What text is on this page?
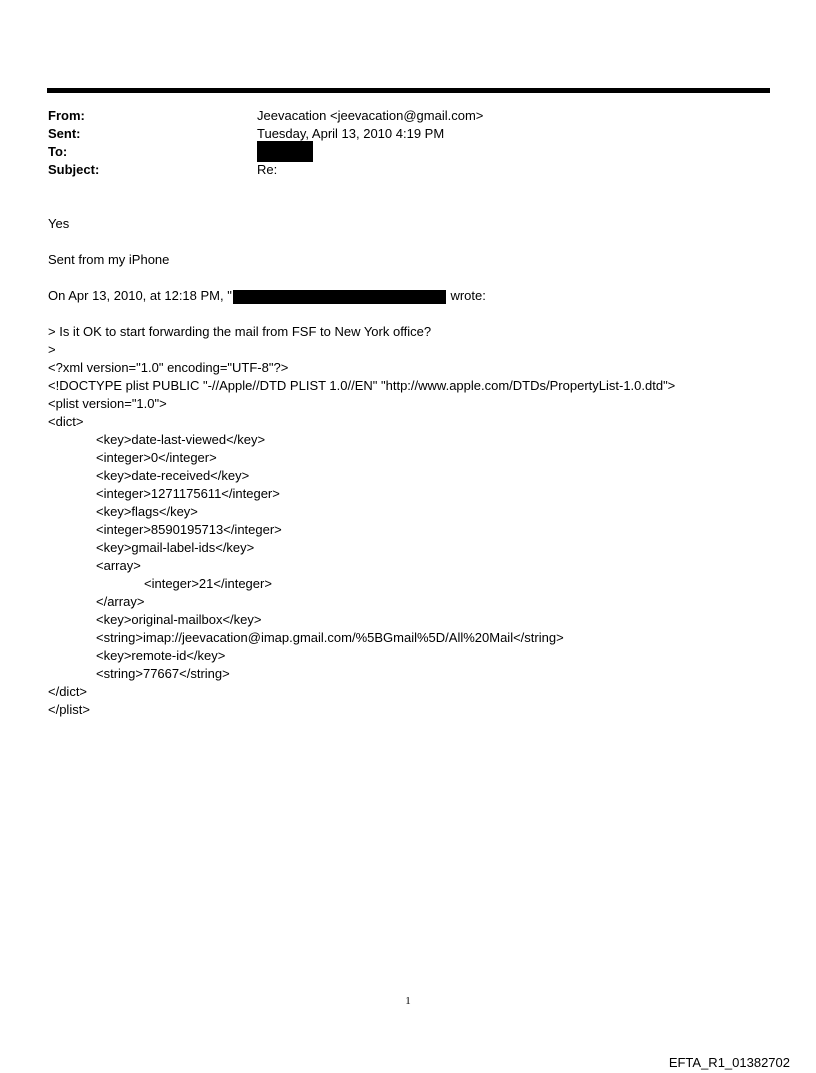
From:	Jeevacation <jeevacation@gmail.com>
Sent:	Tuesday, April 13, 2010 4:19 PM
To:
Subject:	Re:
Yes
Sent from my iPhone
On Apr 13, 2010, at 12:18 PM, "	wrote:
> Is it OK to start forwarding the mail from FSF to New York office?
>
<?xml version="1.0" encoding="UTF-8"?>
<!DOCTYPE plist PUBLIC "-//Apple//DTD PLIST 1.0//EN" "http://www.apple.com/DTDs/PropertyList-1.0.dtd">
<plist version="1.0">
<dict>
<key>date-last-viewed</key>
<integer>0</integer>
<key>date-received</key>
<integer>1271175611</integer>
<key>flags</key>
<integer>8590195713</integer>
<key>gmail-label-ids</key>
<array>
<integer>21</integer>
</array>
<key>original-mailbox</key>
<string>imap://jeevacation@imap.gmail.com/%5BGmail%5D/All%20Mail</string>
<key>remote-id</key>
<string>77667</string>
</dict>
</plist>
1
EFTA_R1_01382702
